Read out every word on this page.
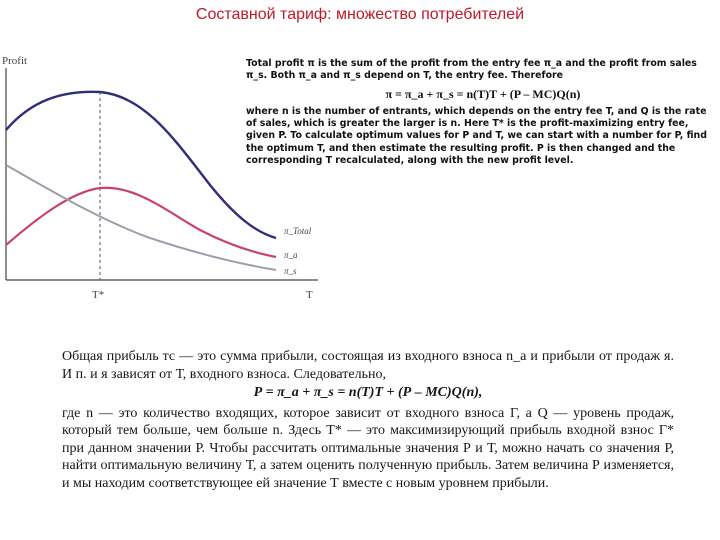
Составной тариф: множество потребителей
Profit
T
T*
π_Total
π_a
π_s

Total profit π is the sum of the profit from the entry fee π_a and the profit from sales π_s. Both π_a and π_s depend on T, the entry fee. Therefore

π = π_a + π_s = n(T)T + (P – MC)Q(n)

where n is the number of entrants, which depends on the entry fee T, and Q is the rate of sales, which is greater the larger is n. Here T* is the profit-maximizing entry fee, given P. To calculate optimum values for P and T, we can start with a number for P, find the optimum T, and then estimate the resulting profit. P is then changed and the corresponding T recalculated, along with the new profit level.

Общая прибыль тс — это сумма прибыли, состоящая из входного взноса n_a и прибыли от продаж я. И п. и я зависят от Т, входного взноса. Следовательно,

Р = π_a + π_s = n(Т)Т + (Р – МС)Q(n),

где n — это количество входящих, которое зависит от входного взноса Г, а Q — уровень продаж, который тем больше, чем больше n. Здесь Т* — это максимизирующий прибыль входной взнос Г* при данном значении Р. Чтобы рассчитать оптимальные значения Р и Т, можно начать со значения Р, найти оптимальную величину Т, а затем оценить полученную прибыль. Затем величина Р изменяется, и мы находим соответствующее ей значение Т вместе с новым уровнем прибыли.
